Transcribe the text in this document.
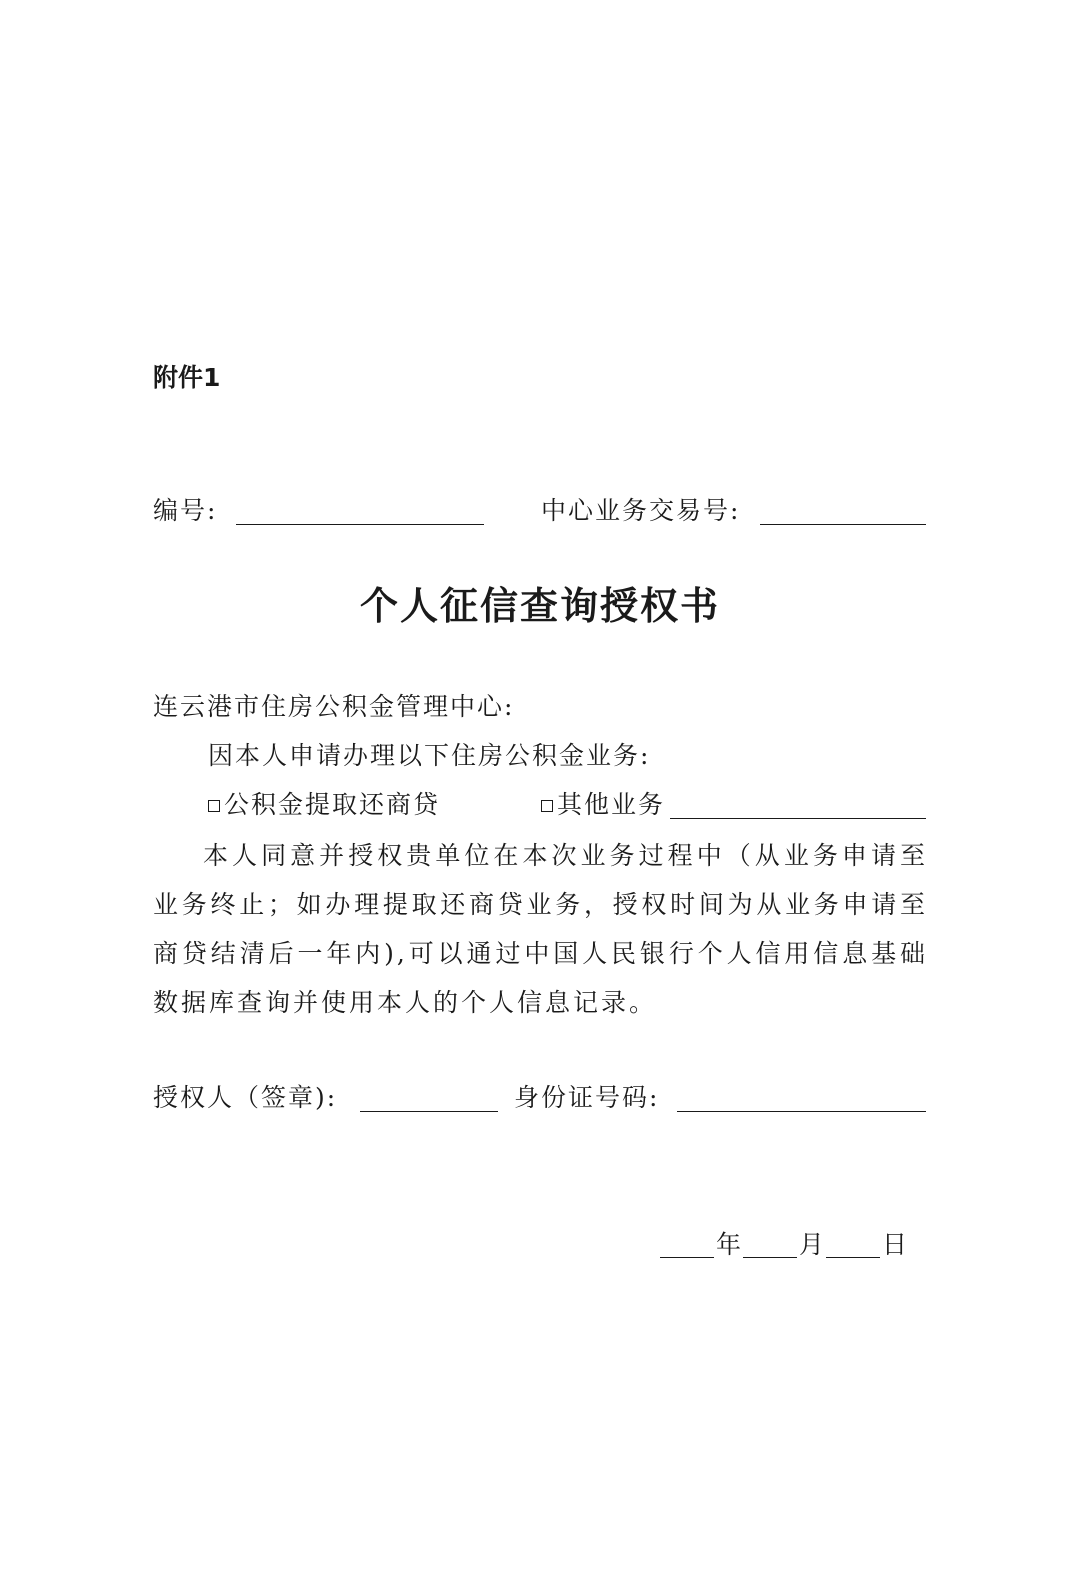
附件1
编号:	中心业务交易号:
个人征信查询授权书
连云港市住房公积金管理中心:
因本人申请办理以下住房公积金业务:
公积金提取还商贷	其他业务

本人同意并授权贵单位在本次业务过程中（从业务申请至业务终止；如办理提取还商贷业务，授权时间为从业务申请至商贷结清后一年内),可以通过中国人民银行个人信用信息基础数据库查询并使用本人的个人信息记录。

授权人（签章):	身份证号码:
年 月 日
